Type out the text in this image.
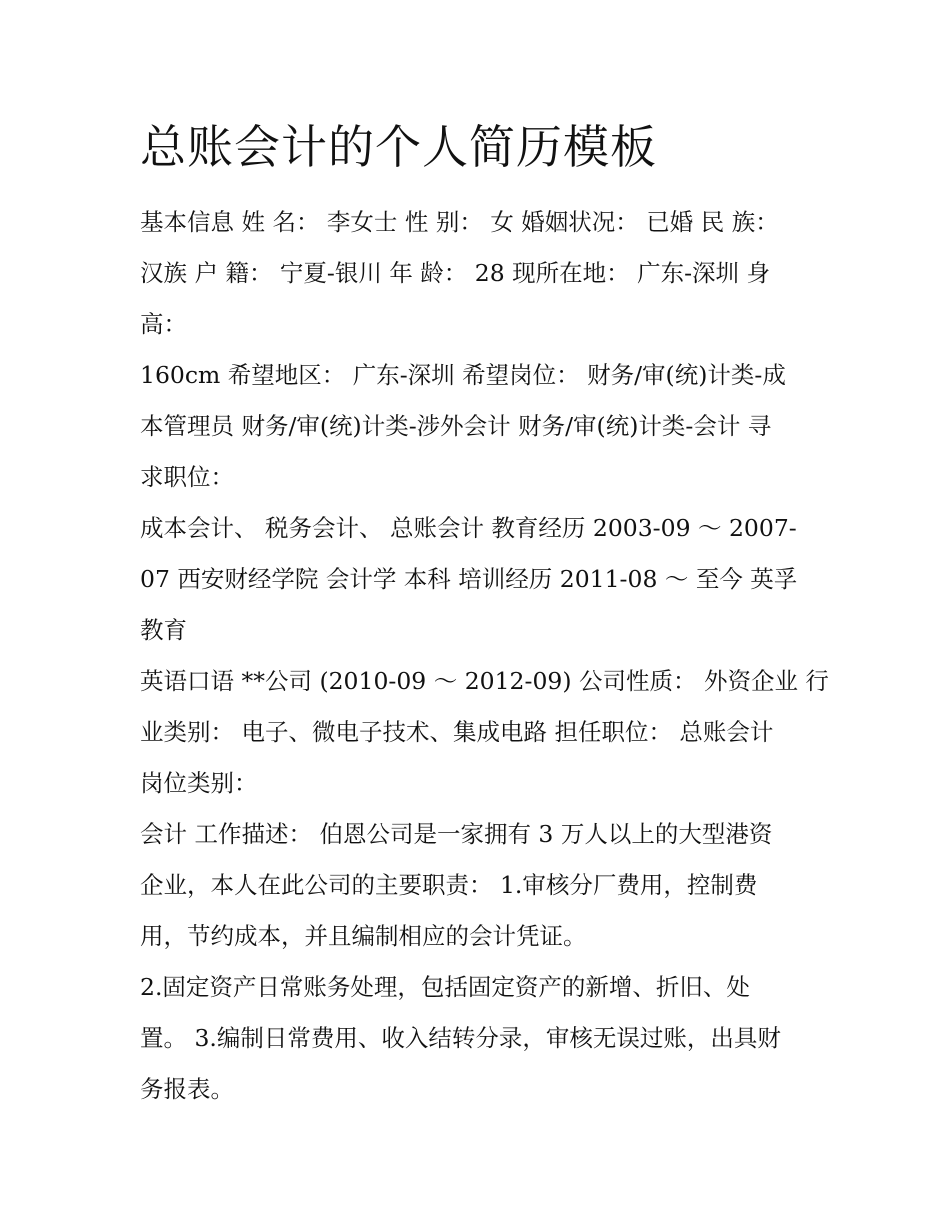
总账会计的个人简历模板
基本信息 姓 名： 李女士 性 别： 女 婚姻状况： 已婚 民 族：
汉族 户 籍： 宁夏-银川 年 龄： 28 现所在地： 广东-深圳 身
高：
160cm 希望地区： 广东-深圳 希望岗位： 财务/审(统)计类-成
本管理员 财务/审(统)计类-涉外会计 财务/审(统)计类-会计 寻
求职位：
成本会计、 税务会计、 总账会计 教育经历 2003-09 ～ 2007-
07 西安财经学院 会计学 本科 培训经历 2011-08 ～ 至今 英孚
教育
英语口语 **公司 (2010-09 ～ 2012-09) 公司性质： 外资企业 行
业类别： 电子、微电子技术、集成电路 担任职位： 总账会计
岗位类别：
会计 工作描述： 伯恩公司是一家拥有 3 万人以上的大型港资
企业，本人在此公司的主要职责： 1.审核分厂费用，控制费
用，节约成本，并且编制相应的会计凭证。
2.固定资产日常账务处理，包括固定资产的新增、折旧、处
置。 3.编制日常费用、收入结转分录，审核无误过账，出具财
务报表。
